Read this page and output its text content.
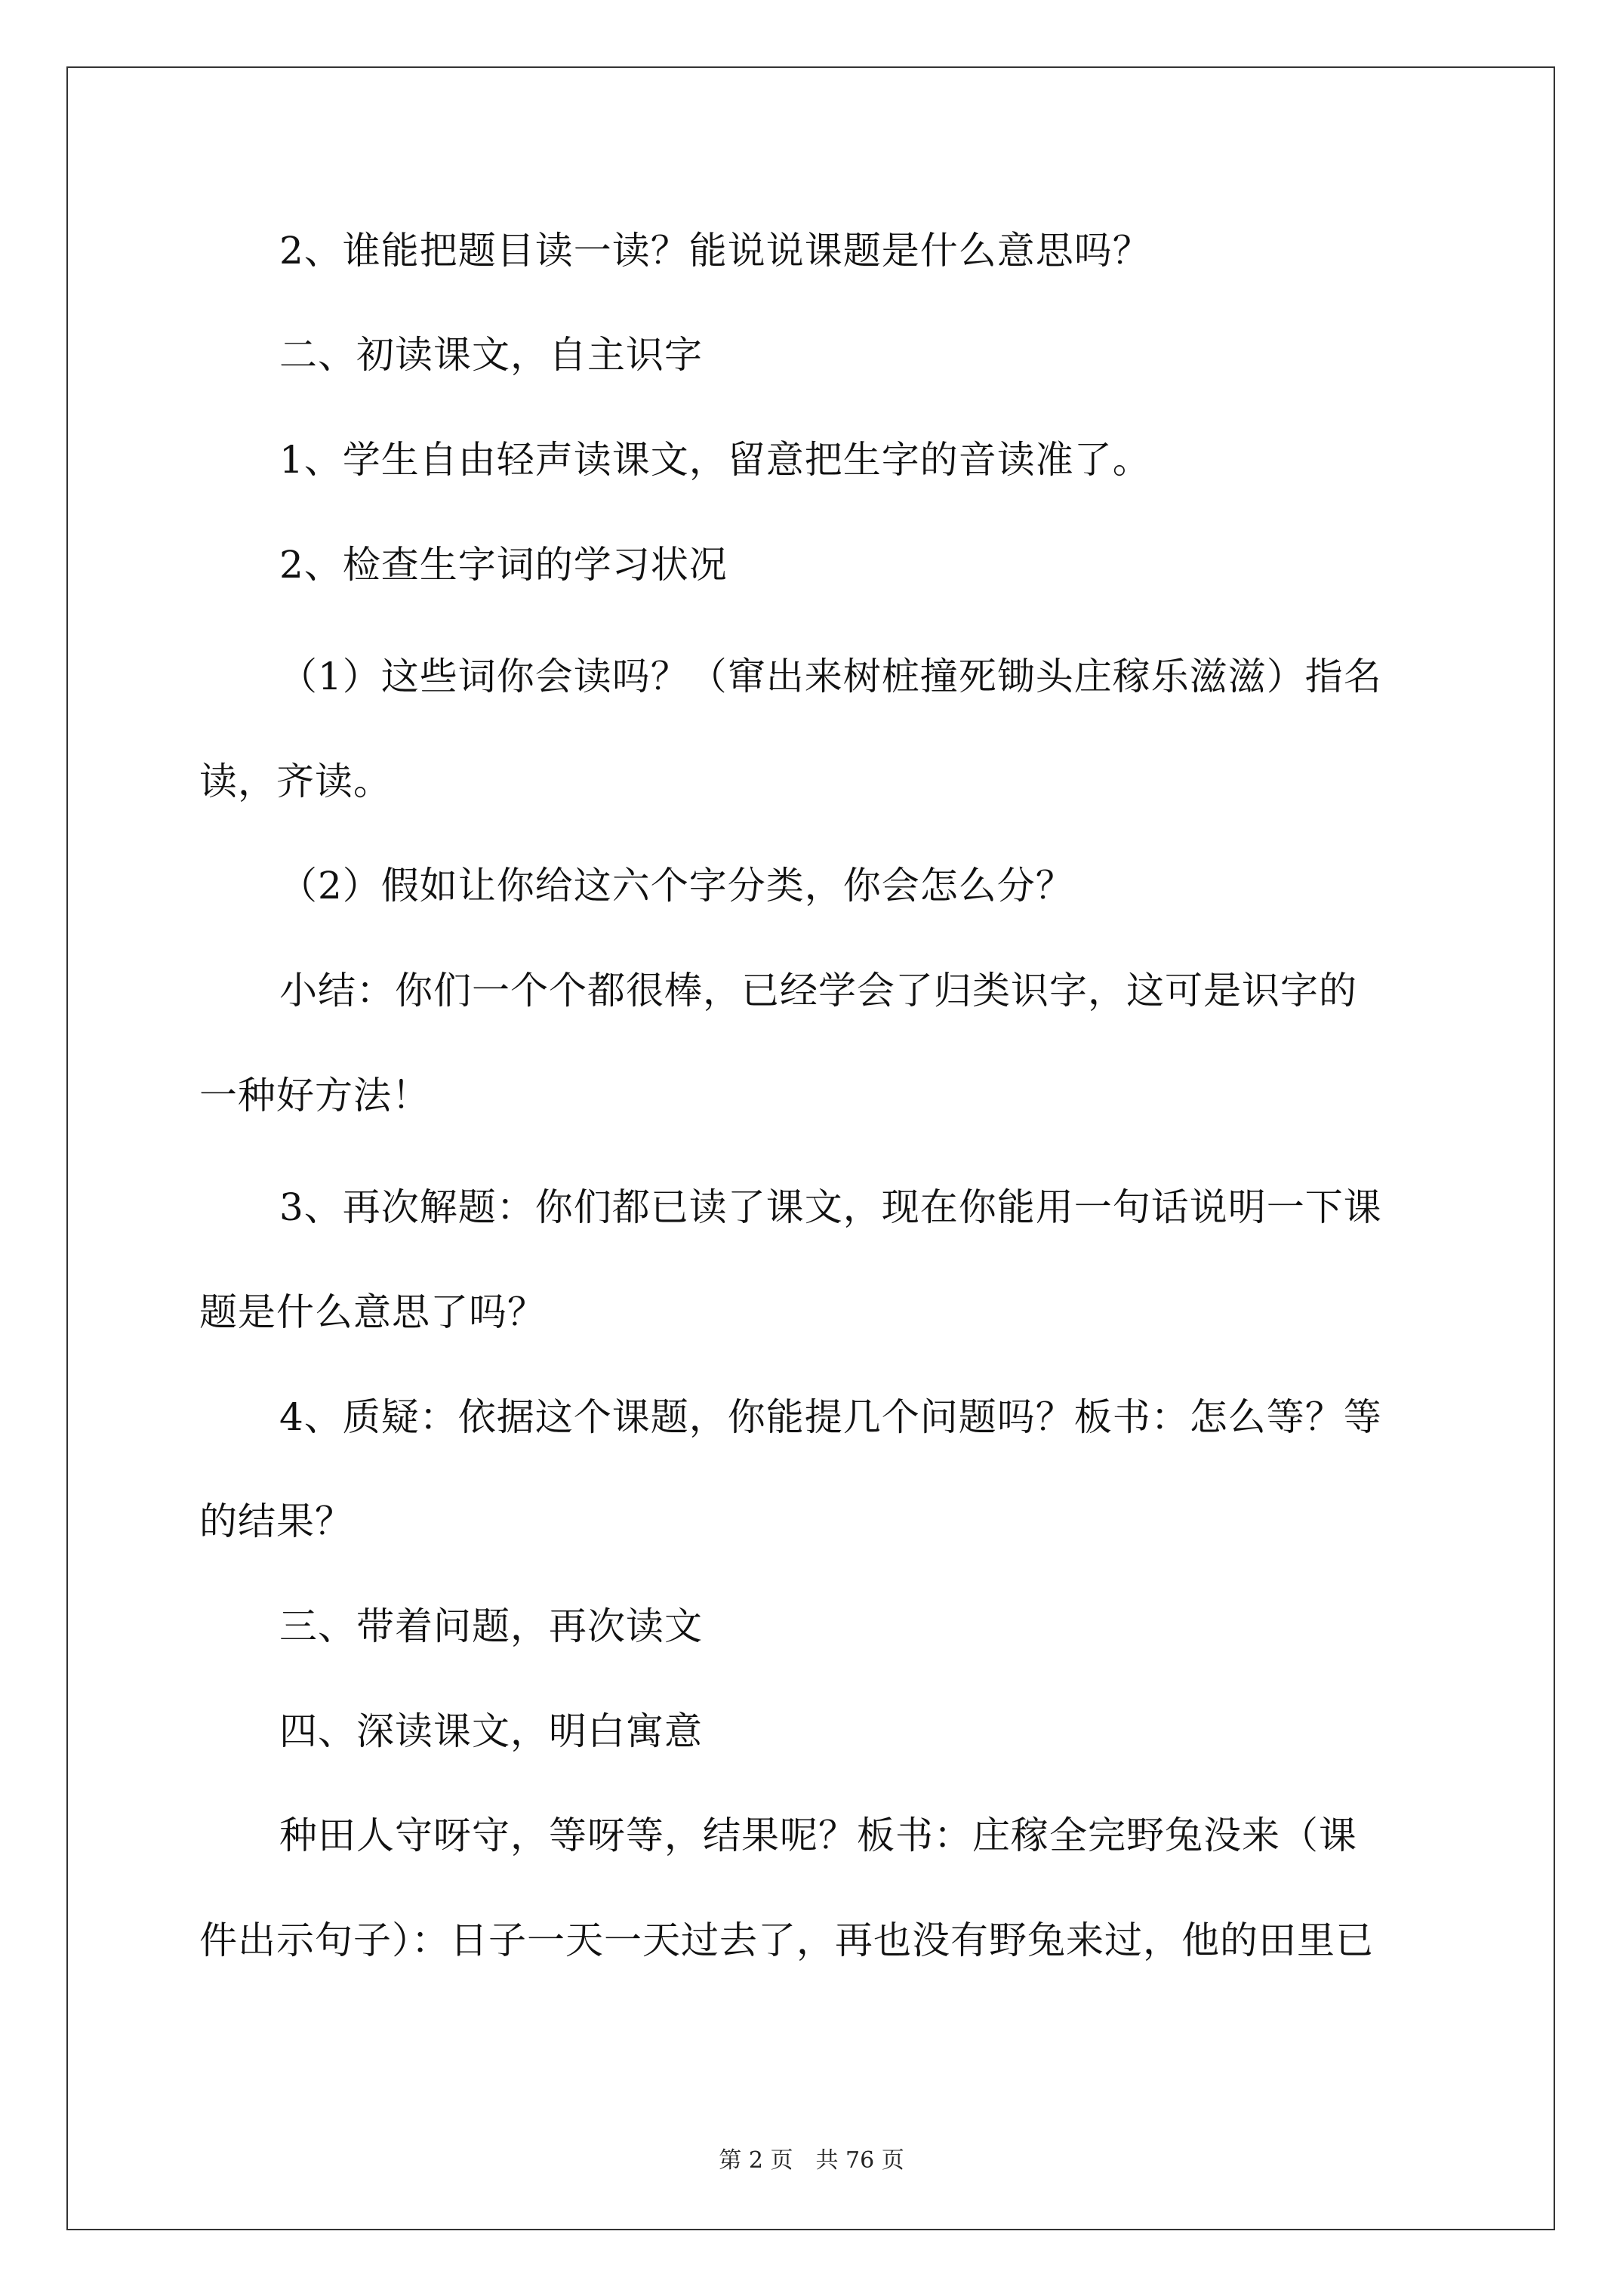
2、谁能把题目读一读？能说说课题是什么意思吗？
二、初读课文，自主识字
1、学生自由轻声读课文，留意把生字的音读准了。
2、检查生字词的学习状况
（1）这些词你会读吗？（窜出来树桩撞死锄头庄稼乐滋滋）指名
读，齐读。
（2）假如让你给这六个字分类，你会怎么分？
小结：你们一个个都很棒，已经学会了归类识字，这可是识字的
一种好方法！
3、再次解题：你们都已读了课文，现在你能用一句话说明一下课
题是什么意思了吗？
4、质疑：依据这个课题，你能提几个问题吗？板书：怎么等？等
的结果？
三、带着问题，再次读文
四、深读课文，明白寓意
种田人守呀守，等呀等，结果呢？板书：庄稼全完野兔没来（课
件出示句子）：日子一天一天过去了，再也没有野兔来过，他的田里已
第 2 页　共 76 页
